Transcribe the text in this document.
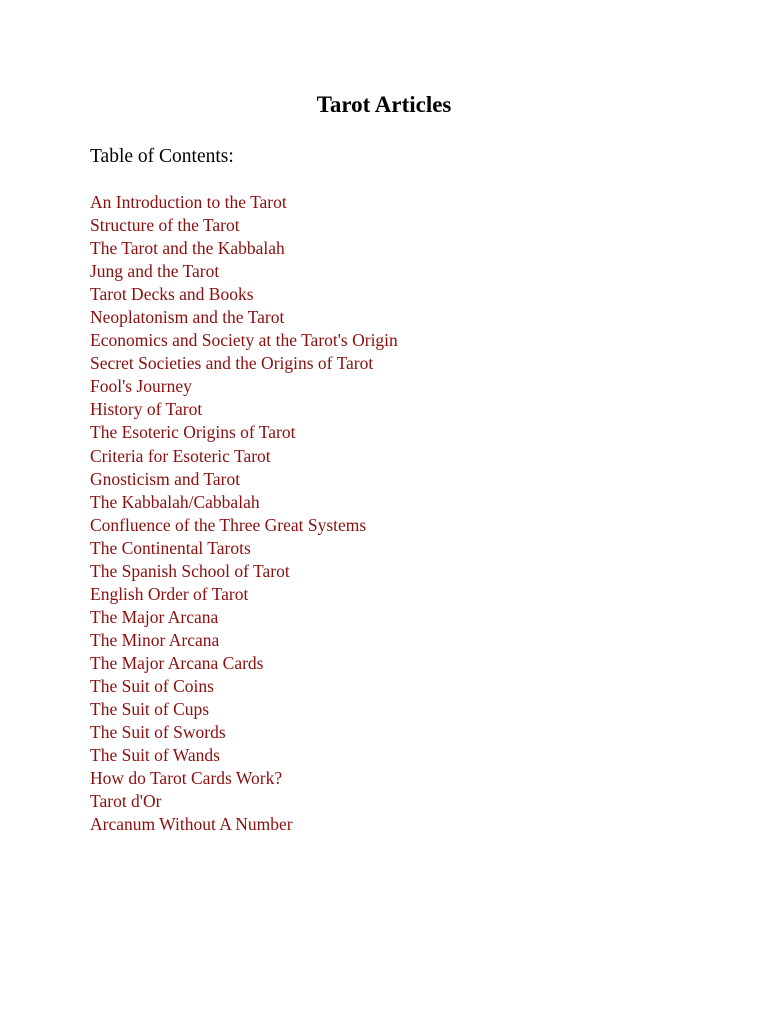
Tarot Articles
Table of Contents:
An Introduction to the Tarot
Structure of the Tarot
The Tarot and the Kabbalah
Jung and the Tarot
Tarot Decks and Books
Neoplatonism and the Tarot
Economics and Society at the Tarot's Origin
Secret Societies and the Origins of Tarot
Fool's Journey
History of Tarot
The Esoteric Origins of Tarot
Criteria for Esoteric Tarot
Gnosticism and Tarot
The Kabbalah/Cabbalah
Confluence of the Three Great Systems
The Continental Tarots
The Spanish School of Tarot
English Order of Tarot
The Major Arcana
The Minor Arcana
The Major Arcana Cards
The Suit of Coins
The Suit of Cups
The Suit of Swords
The Suit of Wands
How do Tarot Cards Work?
Tarot d'Or
Arcanum Without A Number
